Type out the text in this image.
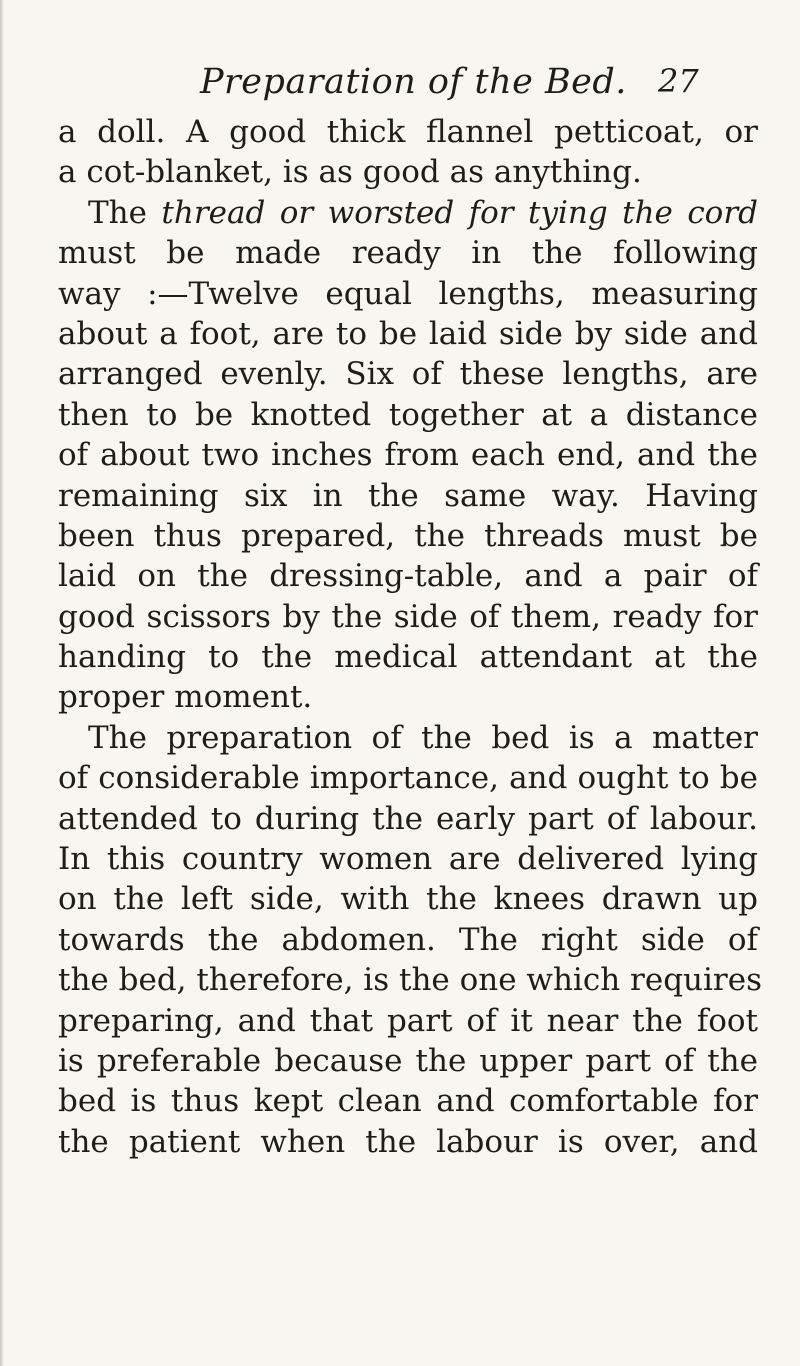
Preparation of the Bed. 27
a doll. A good thick flannel petticoat, or
a cot-blanket, is as good as anything.
The thread or worsted for tying the cord
must be made ready in the following
way :—Twelve equal lengths, measuring
about a foot, are to be laid side by side and
arranged evenly. Six of these lengths, are
then to be knotted together at a distance
of about two inches from each end, and the
remaining six in the same way. Having
been thus prepared, the threads must be
laid on the dressing-table, and a pair of
good scissors by the side of them, ready for
handing to the medical attendant at the
proper moment.
The preparation of the bed is a matter
of considerable importance, and ought to be
attended to during the early part of labour.
In this country women are delivered lying
on the left side, with the knees drawn up
towards the abdomen. The right side of
the bed, therefore, is the one which requires
preparing, and that part of it near the foot
is preferable because the upper part of the
bed is thus kept clean and comfortable for
the patient when the labour is over, and
